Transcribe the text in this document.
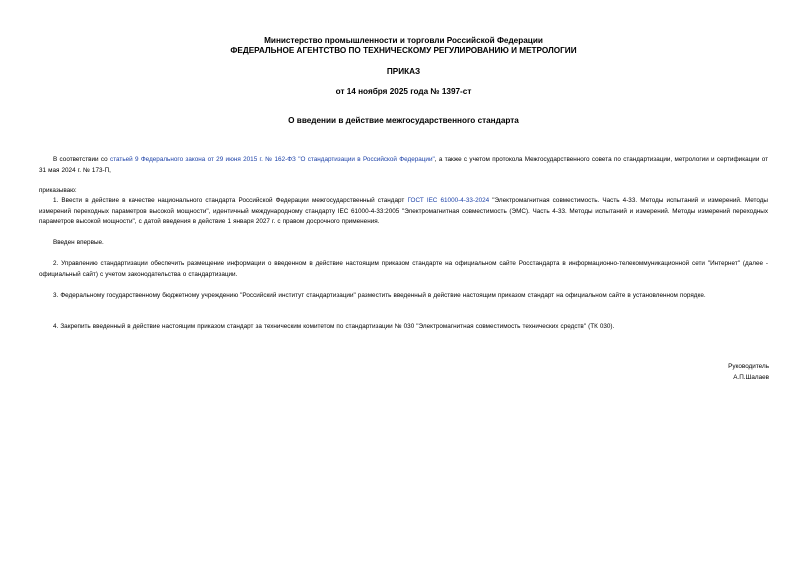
Министерство промышленности и торговли Российской Федерации
ФЕДЕРАЛЬНОЕ АГЕНТСТВО ПО ТЕХНИЧЕСКОМУ РЕГУЛИРОВАНИЮ И МЕТРОЛОГИИ
ПРИКАЗ
от 14 ноября 2025 года № 1397-ст
О введении в действие межгосударственного стандарта
В соответствии со статьей 9 Федерального закона от 29 июня 2015 г. № 162-ФЗ "О стандартизации в Российской Федерации", а также с учетом протокола Межгосударственного совета по стандартизации, метрологии и сертификации от 31 мая 2024 г. № 173-П,
приказываю:
1. Ввести в действие в качестве национального стандарта Российской Федерации межгосударственный стандарт ГОСТ IEC 61000-4-33-2024 "Электромагнитная совместимость. Часть 4-33. Методы испытаний и измерений. Методы измерений переходных параметров высокой мощности", идентичный международному стандарту IEC 61000-4-33:2005 "Электромагнитная совместимость (ЭМС). Часть 4-33. Методы испытаний и измерений. Методы измерений переходных параметров высокой мощности", с датой введения в действие 1 января 2027 г. с правом досрочного применения.
Введен впервые.
2. Управлению стандартизации обеспечить размещение информации о введенном в действие настоящим приказом стандарте на официальном сайте Росстандарта в информационно-телекоммуникационной сети "Интернет" (далее - официальный сайт) с учетом законодательства о стандартизации.
3. Федеральному государственному бюджетному учреждению "Российский институт стандартизации" разместить введенный в действие настоящим приказом стандарт на официальном сайте в установленном порядке.
4. Закрепить введенный в действие настоящим приказом стандарт за техническим комитетом по стандартизации № 030 "Электромагнитная совместимость технических средств" (ТК 030).
Руководитель
А.П.Шалаев
